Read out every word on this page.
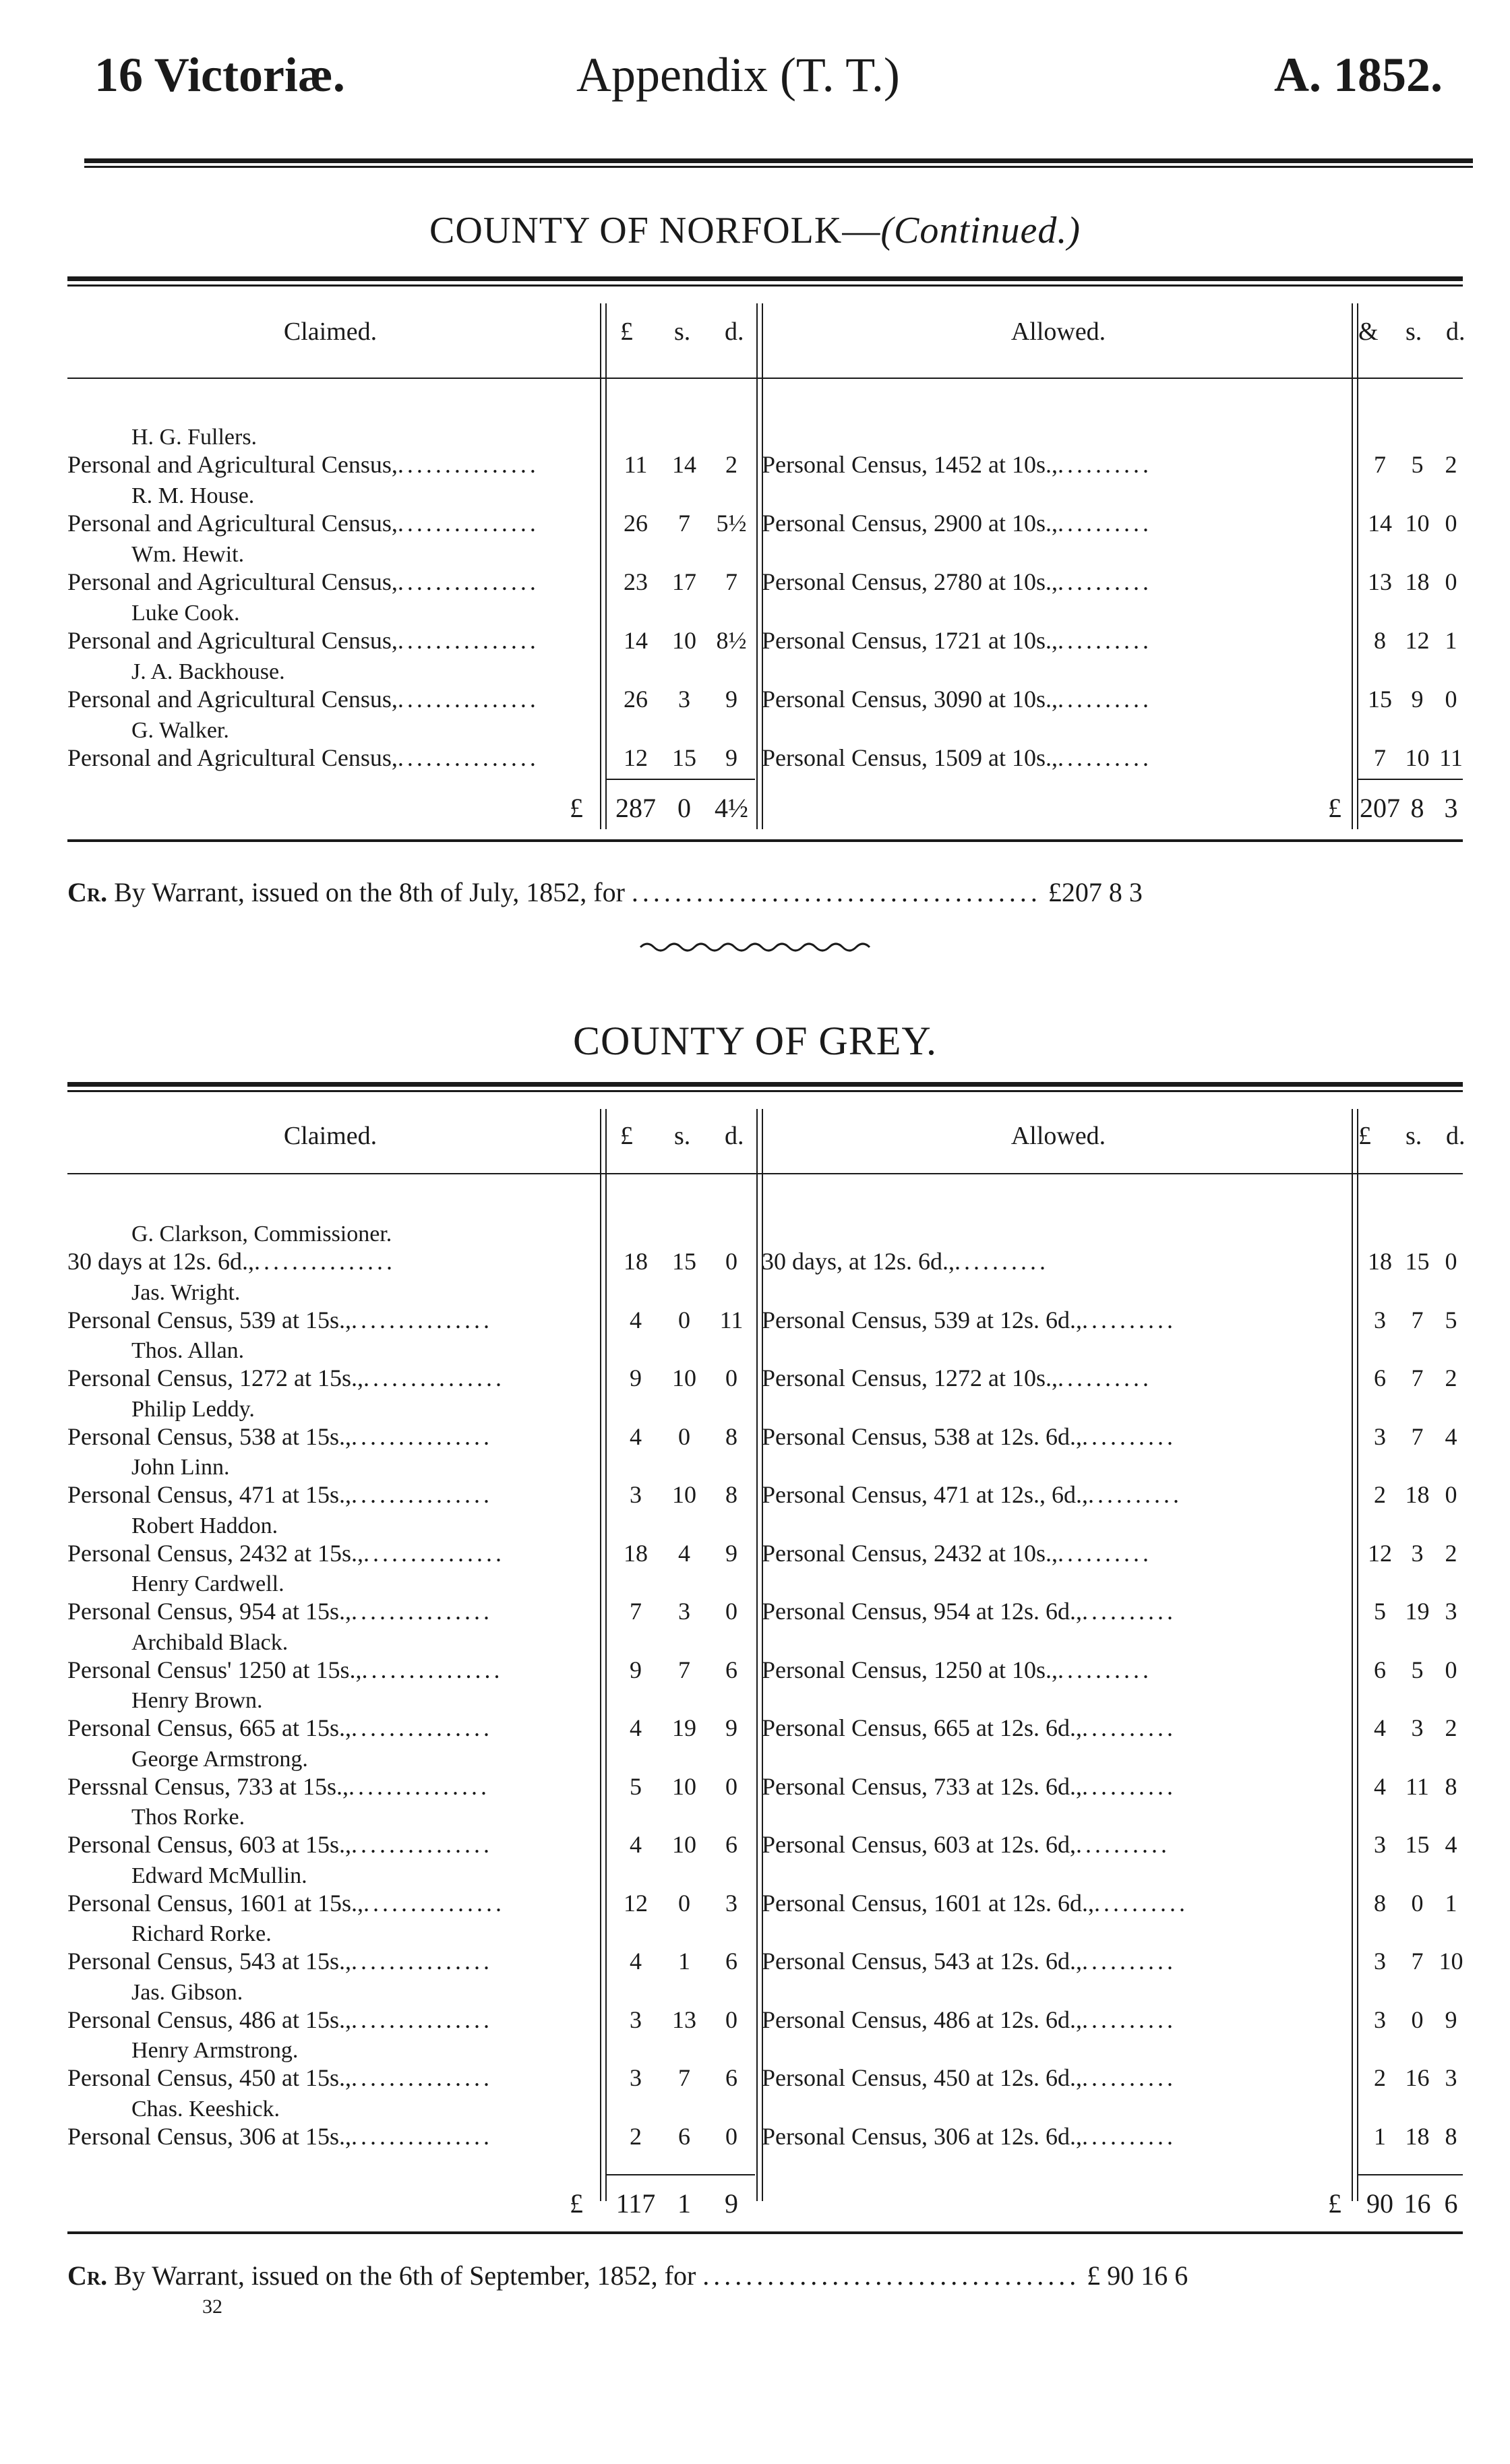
16 Victoriæ.	Appendix (T. T.)	A. 1852.
COUNTY OF NORFOLK—(Continued.)
Claimed.	£ s. d.	Allowed.	& s. d.
H. G. Fullers.
Personal and Agricultural Census,...............	11	14	2	Personal Census, 1452 at 10s.,..........	7	5 2
R. M. House.
Personal and Agricultural Census,...............	26	7	5½ Personal Census, 2900 at 10s.,..........	14 10 0
Wm. Hewit.
Personal and Agricultural Census,...............	23	17	7	Personal Census, 2780 at 10s.,..........	13 18 0
Luke Cook.
Personal and Agricultural Census,...............	14	10 8½ Personal Census, 1721 at 10s.,..........	8 12 1
J. A. Backhouse.
Personal and Agricultural Census,...............	26	3	9	Personal Census, 3090 at 10s.,..........	15 9 0
G. Walker.
Personal and Agricultural Census,...............	12	15	9	Personal Census, 1509 at 10s.,..........	7 10 11
£ 287 0 4½	£ 207 8 3
Cr. By Warrant, issued on the 8th of July, 1852, for ...................................... £207 8 3
COUNTY OF GREY.
Claimed.	£ s. d.	Allowed.	£ s. d.
G. Clarkson, Commissioner.
30 days at 12s. 6d.,...............	18	15	0	30 days, at 12s. 6d.,..........	18 15 0
Jas. Wright.
Personal Census, 539 at 15s.,...............	4	0	11 Personal Census, 539 at 12s. 6d.,..........	3	7 5
Thos. Allan.
Personal Census, 1272 at 15s.,...............	9	10	0	Personal Census, 1272 at 10s.,..........	6	7 2
Philip Leddy.
Personal Census, 538 at 15s.,...............	4	0	8	Personal Census, 538 at 12s. 6d.,..........	3	7 4
John Linn.
Personal Census, 471 at 15s.,...............	3	10	8	Personal Census, 471 at 12s., 6d.,..........	2 18 0
Robert Haddon.
Personal Census, 2432 at 15s.,...............	18	4	9	Personal Census, 2432 at 10s.,..........	12 3 2
Henry Cardwell.
Personal Census, 954 at 15s.,...............	7	3	0	Personal Census, 954 at 12s. 6d.,..........	5 19 3
Archibald Black.
Personal Census' 1250 at 15s.,...............	9	7	6	Personal Census, 1250 at 10s.,..........	6	5 0
Henry Brown.
Personal Census, 665 at 15s.,...............	4	19	9	Personal Census, 665 at 12s. 6d.,..........	4	3 2
George Armstrong.
Perssnal Census, 733 at 15s.,...............	5	10	0	Personal Census, 733 at 12s. 6d.,..........	4 11 8
Thos Rorke.
Personal Census, 603 at 15s.,...............	4	10	6	Personal Census, 603 at 12s. 6d,..........	3 15 4
Edward McMullin.
Personal Census, 1601 at 15s.,...............	12	0	3	Personal Census, 1601 at 12s. 6d.,..........	8	0 1
Richard Rorke.
Personal Census, 543 at 15s.,...............	4	1	6	Personal Census, 543 at 12s. 6d.,..........	3	7 10
Jas. Gibson.
Personal Census, 486 at 15s.,...............	3	13	0	Personal Census, 486 at 12s. 6d.,..........	3	0 9
Henry Armstrong.
Personal Census, 450 at 15s.,...............	3	7	6	Personal Census, 450 at 12s. 6d.,..........	2 16 3
Chas. Keeshick.
Personal Census, 306 at 15s.,...............	2	6	0	Personal Census, 306 at 12s. 6d.,..........	1 18 8
£ 117 1	9	£ 90 16 6
Cr. By Warrant, issued on the 6th of September, 1852, for ................................... £ 90 16 6
32
